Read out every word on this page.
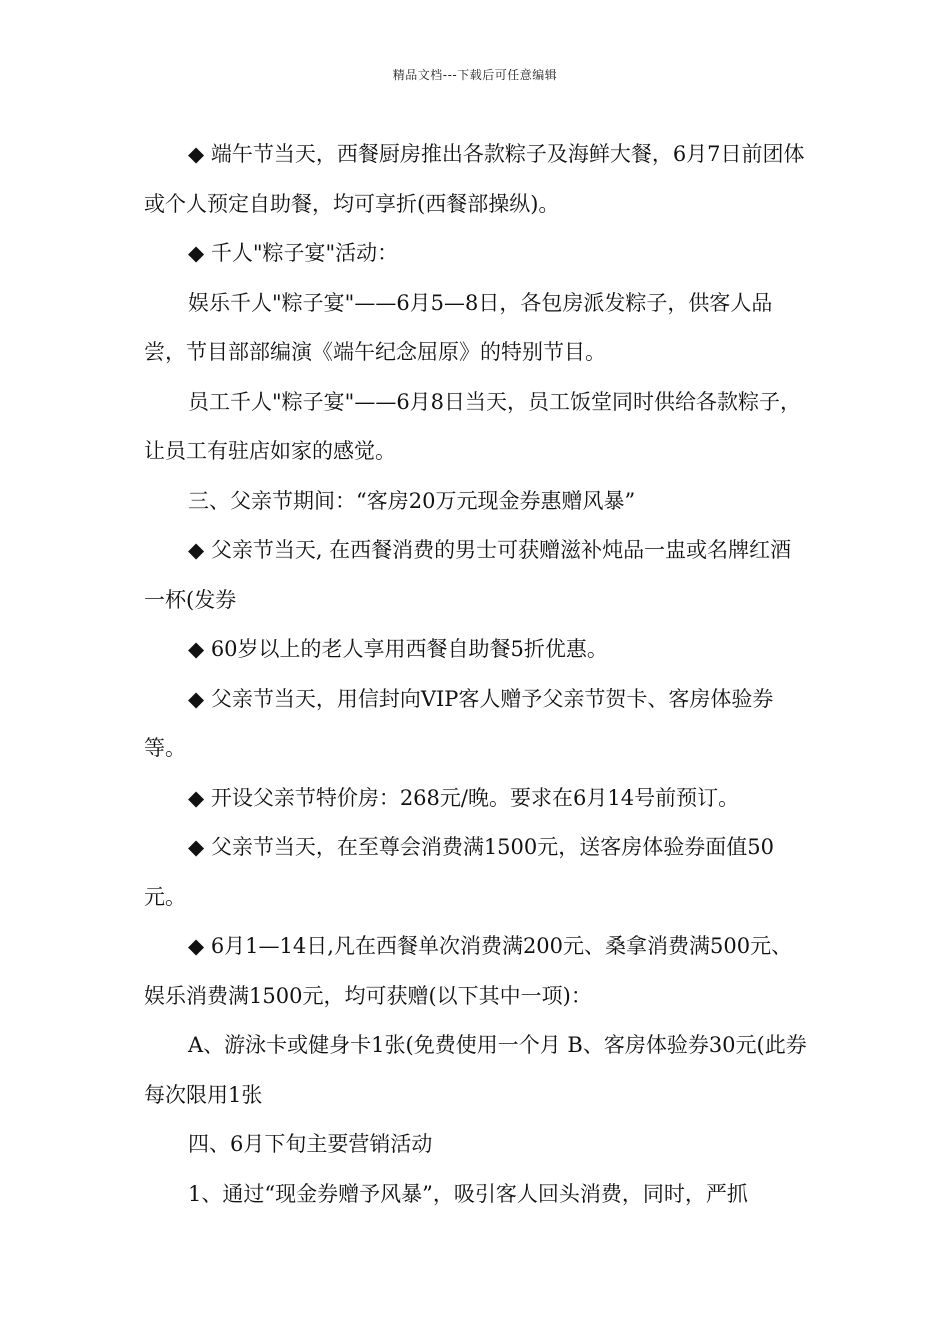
精品文档---下载后可任意编辑

◆ 端午节当天，西餐厨房推出各款粽子及海鲜大餐，6月7日前团体或个人预定自助餐，均可享折(西餐部操纵)。

◆ 千人"粽子宴"活动：

娱乐千人"粽子宴"——6月5—8日，各包房派发粽子，供客人品尝，节目部部编演《端午纪念屈原》的特别节目。

员工千人"粽子宴"——6月8日当天，员工饭堂同时供给各款粽子，让员工有驻店如家的感觉。

三、父亲节期间：“客房20万元现金券惠赠风暴”

◆ 父亲节当天, 在西餐消费的男士可获赠滋补炖品一盅或名牌红酒一杯(发券

◆ 60岁以上的老人享用西餐自助餐5折优惠。

◆ 父亲节当天，用信封向VIP客人赠予父亲节贺卡、客房体验券等。

◆ 开设父亲节特价房：268元/晚。要求在6月14号前预订。

◆ 父亲节当天，在至尊会消费满1500元，送客房体验券面值50元。

◆ 6月1—14日,凡在西餐单次消费满200元、桑拿消费满500元、娱乐消费满1500元，均可获赠(以下其中一项)：

A、游泳卡或健身卡1张(免费使用一个月 B、客房体验券30元(此券每次限用1张

四、6月下旬主要营销活动

1、通过“现金券赠予风暴”，吸引客人回头消费，同时，严抓
